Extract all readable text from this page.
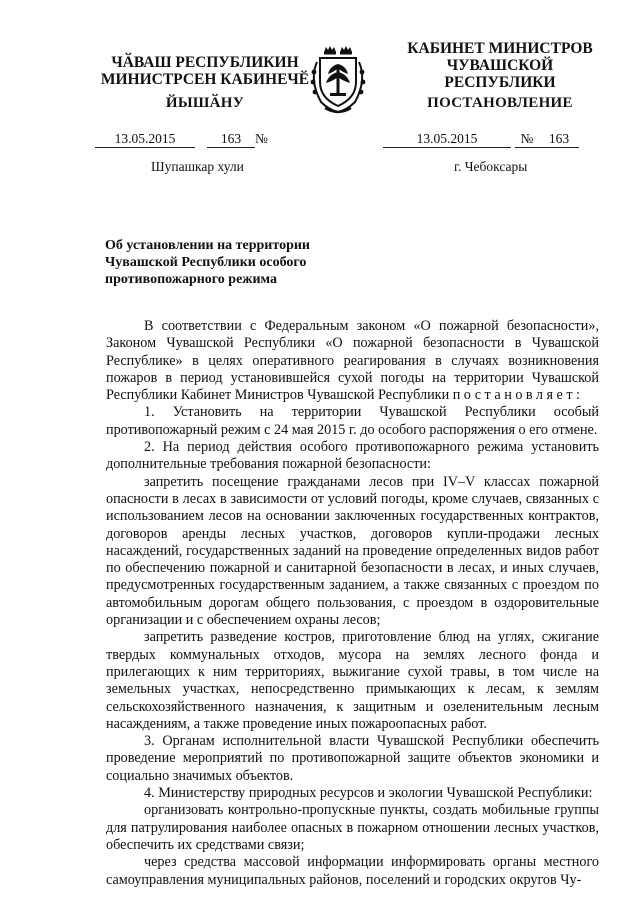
ЧӐВАШ РЕСПУБЛИКИН
МИНИСТРСЕН КАБИНЕЧӖ
ЙЫШӐНУ
КАБИНЕТ МИНИСТРОВ
ЧУВАШСКОЙ РЕСПУБЛИКИ
ПОСТАНОВЛЕНИЕ
13.05.2015	163 №	13.05.2015	№ 163
Шупашкар хули	г. Чебоксары
Об установлении на территории Чувашской Республики особого противопожарного режима

В соответствии с Федеральным законом «О пожарной безопасности», Законом Чувашской Республики «О пожарной безопасности в Чувашской Республике» в целях оперативного реагирования в случаях возникновения пожаров в период установившейся сухой погоды на территории Чувашской Республики Кабинет Министров Чувашской Республики постановляет:

1. Установить на территории Чувашской Республики особый противопожарный режим с 24 мая 2015 г. до особого распоряжения о его отмене.

2. На период действия особого противопожарного режима установить дополнительные требования пожарной безопасности:

запретить посещение гражданами лесов при IV–V классах пожарной опасности в лесах в зависимости от условий погоды, кроме случаев, связанных с использованием лесов на основании заключенных государственных контрактов, договоров аренды лесных участков, договоров купли-продажи лесных насаждений, государственных заданий на проведение определенных видов работ по обеспечению пожарной и санитарной безопасности в лесах, и иных случаев, предусмотренных государственным заданием, а также связанных с проездом по автомобильным дорогам общего пользования, с проездом в оздоровительные организации и с обеспечением охраны лесов;

запретить разведение костров, приготовление блюд на углях, сжигание твердых коммунальных отходов, мусора на землях лесного фонда и прилегающих к ним территориях, выжигание сухой травы, в том числе на земельных участках, непосредственно примыкающих к лесам, к землям сельскохозяйственного назначения, к защитным и озеленительным лесным насаждениям, а также проведение иных пожароопасных работ.

3. Органам исполнительной власти Чувашской Республики обеспечить проведение мероприятий по противопожарной защите объектов экономики и социально значимых объектов.

4. Министерству природных ресурсов и экологии Чувашской Республики:

организовать контрольно-пропускные пункты, создать мобильные группы для патрулирования наиболее опасных в пожарном отношении лесных участков, обеспечить их средствами связи;

через средства массовой информации информировать органы местного самоуправления муниципальных районов, поселений и городских округов Чу-
